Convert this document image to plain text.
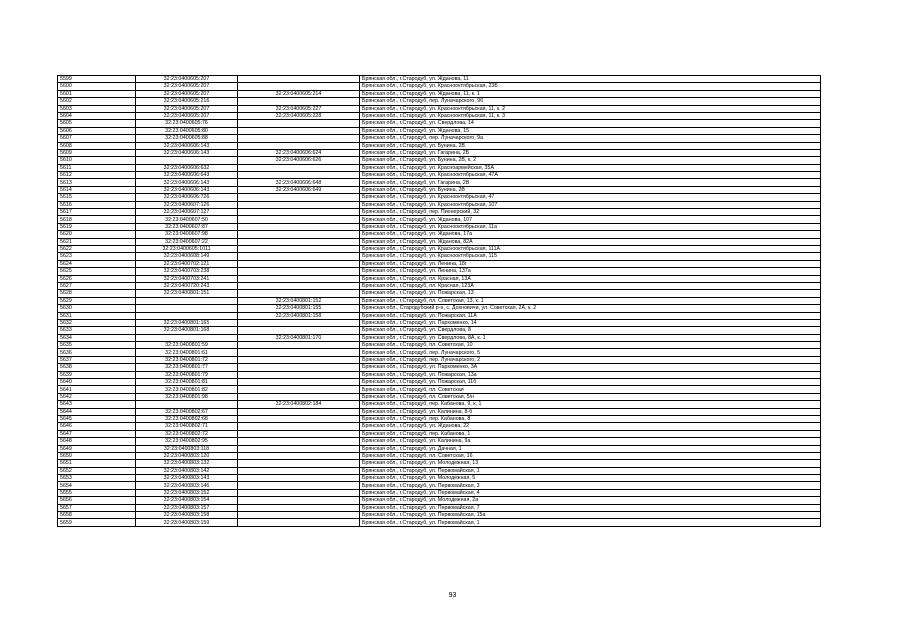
5599	32:23:0400605:207		Брянская обл., г.Стародуб, ул. Жданова, 11
5600	32:23:0400605:207		Брянская обл., г.Стародуб, ул. Краснооктябрьская, 23Б
5601	32:23:0400605:207	32:23:0400605:214	Брянская обл., г.Стародуб, ул. Жданова, 11, к. 1
5602	32:23:0400605:216		Брянская обл., г.Стародуб, пер. Луначарского, 9б
5603	32:23:0400605:207	32:23:0400605:227	Брянская обл., г.Стародуб, ул. Краснооктябрьская, 11, к. 2
5604	32:23:0400605:207	32:23:0400605:228	Брянская обл., г.Стародуб, ул. Краснооктябрьская, 11, к. 3
5605	32:23:0400605:76		Брянская обл., г.Стародуб, ул. Свердлова, 14
5606	32:23:0400605:80		Брянская обл., г.Стародуб, ул. Жданова, 15
5607	32:23:0400605:88		Брянская обл., г.Стародуб, пер. Луначарского, 9а
5608	32:23:0400606:143		Брянская обл., г.Стародуб, ул. Бунина, 2В
5609	32:23:0400606:143	32:23:0400606:624	Брянская обл., г.Стародуб, ул. Гагарина, 2Б
5610		32:23:0400606:626	Брянская обл., г.Стародуб, ул. Бунина, 2В, к. 2
5611	32:23:0400606:632		Брянская обл., г.Стародуб, ул. Красноармейская, 35А
5612	32:23:0400606:643		Брянская обл., г.Стародуб, ул. Краснооктябрьская, 47А
5613	32:23:0400606:143	32:23:0400606:648	Брянская обл., г.Стародуб, ул. Гагарина, 2В
5614	32:23:0400606:143	32:23:0400606:649	Брянская обл., г.Стародуб, ул. Бунина, 2В
5615	32:23:0400606:726		Брянская обл., г.Стародуб, ул. Краснооктябрьская, 47
5616	32:23:0400607:126		Брянская обл., г.Стародуб, ул. Краснооктябрьская, 107
5617	32:23:0400607:127		Брянская обл., г.Стародуб, пер. Пионерский, 32
5618	32:23:0400607:50		Брянская обл., г.Стародуб, ул. Жданова, 107
5619	32:23:0400607:87		Брянская обл., г.Стародуб, ул. Краснооктябрьская, 11а
5620	32:23:0400607:98		Брянская обл., г.Стародуб, ул. Жданова, 17а
5621	32:23:0400607:22		Брянская обл., г.Стародуб, ул. Жданова, 82А
5622	32:23:0400605:1011		Брянская обл., г.Стародуб, ул. Краснооктябрьская, 111А
5623	32:23:0400608:149		Брянская обл., г.Стародуб, ул. Краснооктябрьская, 115
5624	32:23:0400702:121		Брянская обл., г.Стародуб, ул. Ленина, 18г
5625	32:23:0400703:238		Брянская обл., г.Стародуб, ул. Ленина, 137а
5626	32:23:0400703:241		Брянская обл., г.Стародуб, пл. Красная, 13А
5627	32:23:0400720:243		Брянская обл., г.Стародуб, пл. Красная, 123А
5628	32:23:0400801:151		Брянская обл., г.Стародуб, ул. Пожарская, 13
5629		32:23:0400801:152	Брянская обл., г.Стародуб, пл. Советская, 13, к. 1
5630		32:23:0400801:155	Брянская обл., Стародубский р-н, с. Дохновичи, ул. Советская, 2А, к. 2
5631		32:23:0400801:158	Брянская обл., г.Стародуб, ул. Пожарская, 11А
5632	32:23:0400801:165		Брянская обл., г.Стародуб, ул. Пархоменко, 14
5633	32:23:0400801:168		Брянская обл., г.Стародуб, ул. Свердлова, 8
5634		32:23:0400801:170	Брянская обл., г.Стародуб, ул. Свердлова, 8А, к. 1
5635	32:23:0400801:59		Брянская обл., г.Стародуб, пл. Советская, 10
5636	32:23:0400801:61		Брянская обл., г.Стародуб, пер. Луначарского, 5
5637	32:23:0400801:72		Брянская обл., г.Стародуб, пер. Луначарского, 2
5638	32:23:0400801:77		Брянская обл., г.Стародуб, ул. Пархоменко, 3А
5639	32:23:0400801:79		Брянская обл., г.Стародуб, ул. Пожарская, 13а
5640	32:23:0400801:81		Брянская обл., г.Стародуб, ул. Пожарская, 11б
5641	32:23:0400801:82		Брянская обл., г.Стародуб, пл. Советская
5642	32:23:0400801:98		Брянская обл., г.Стародуб, пл. Советская, 5/н
5643		32:23:0400802:184	Брянская обл., г.Стародуб, пер. Кабанова, 9, к. 1
5644	32:23:0400802:67		Брянская обл., г.Стародуб, ул. Калинина, 8-б
5645	32:23:0400802:68		Брянская обл., г.Стародуб, пер. Кабанова, 8
5646	32:23:0400802:71		Брянская обл., г.Стародуб, ул. Жданова, 22
5647	32:23:0400802:72		Брянская обл., г.Стародуб, пер. Кабанова, 1
5648	32:23:0400802:95		Брянская обл., г.Стародуб, ул. Калинина, 9а
5649	32:23:0400803:118		Брянская обл., г.Стародуб, ул. Дачная, 1
5650	32:23:0400803:120		Брянская обл., г.Стародуб, пл. Советская, 16
5651	32:23:0400803:132		Брянская обл., г.Стародуб, ул. Молодежная, 13
5652	32:23:0400803:142		Брянская обл., г.Стародуб, ул. Первомайская, 1
5653	32:23:0400803:143		Брянская обл., г.Стародуб, ул. Молодежная, 5
5654	32:23:0400803:146		Брянская обл., г.Стародуб, ул. Первомайская, 3
5655	32:23:0400803:152		Брянская обл., г.Стародуб, ул. Первомайская, 4
5656	32:23:0400803:154		Брянская обл., г.Стародуб, ул. Молодежная, 2а
5657	32:23:0400803:157		Брянская обл., г.Стародуб, ул. Первомайская, 7
5658	32:23:0400803:158		Брянская обл., г.Стародуб, ул. Первомайская, 15а
5659	32:23:0400803:159		Брянская обл., г.Стародуб, ул. Первомайская, 1
93
